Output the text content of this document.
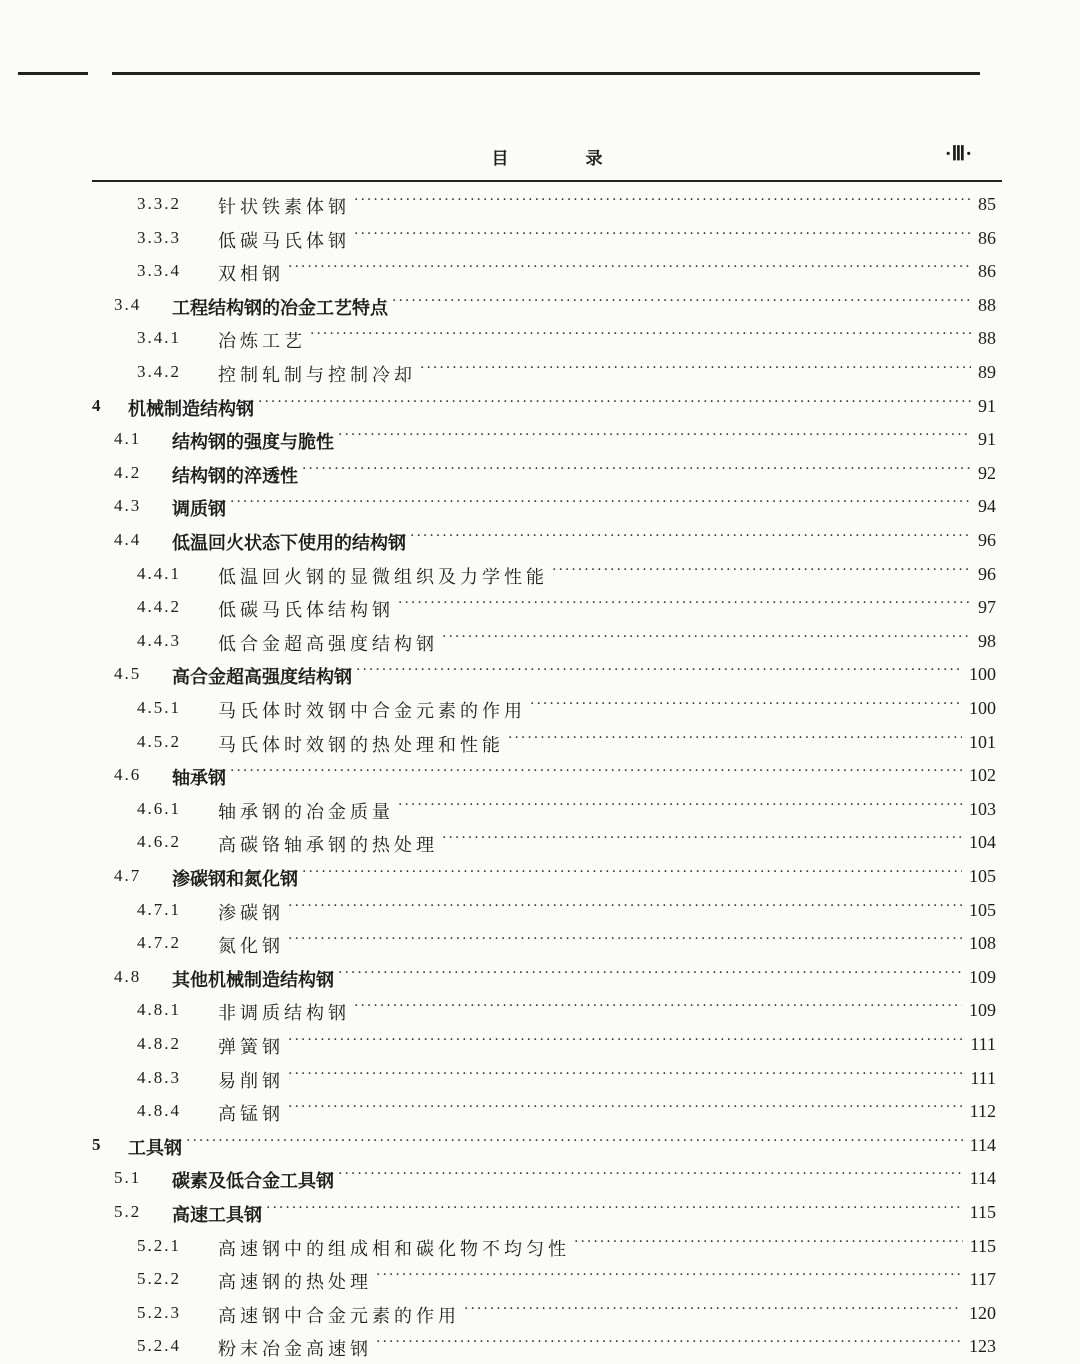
目　录	·Ⅲ·
3.3.2 ····· 针状铁素体钢	85
3.3.3 ····· 低碳马氏体钢	86
3.3.4 ····· 双相钢	86
3.4 ····· 工程结构钢的冶金工艺特点	88
3.4.1 ····· 冶炼工艺	88
3.4.2 ····· 控制轧制与控制冷却	89
4 ····· 机械制造结构钢	91
4.1 ····· 结构钢的强度与脆性	91
4.2 ····· 结构钢的淬透性	92
4.3 ····· 调质钢	94
4.4 ····· 低温回火状态下使用的结构钢	96
4.4.1 ····· 低温回火钢的显微组织及力学性能	96
4.4.2 ····· 低碳马氏体结构钢	97
4.4.3 ····· 低合金超高强度结构钢	98
4.5 ····· 高合金超高强度结构钢	100
4.5.1 ····· 马氏体时效钢中合金元素的作用	100
4.5.2 ····· 马氏体时效钢的热处理和性能	101
4.6 ····· 轴承钢	102
4.6.1 ····· 轴承钢的冶金质量	103
4.6.2 ····· 高碳铬轴承钢的热处理	104
4.7 ····· 渗碳钢和氮化钢	105
4.7.1 ····· 渗碳钢	105
4.7.2 ····· 氮化钢	108
4.8 ····· 其他机械制造结构钢	109
4.8.1 ····· 非调质结构钢	109
4.8.2 ····· 弹簧钢	111
4.8.3 ····· 易削钢	111
4.8.4 ····· 高锰钢	112
5 ····· 工具钢	114
5.1 ····· 碳素及低合金工具钢	114
5.2 ····· 高速工具钢	115
5.2.1 ····· 高速钢中的组成相和碳化物不均匀性	115
5.2.2 ····· 高速钢的热处理	117
5.2.3 ····· 高速钢中合金元素的作用	120
5.2.4 ····· 粉末冶金高速钢	123
